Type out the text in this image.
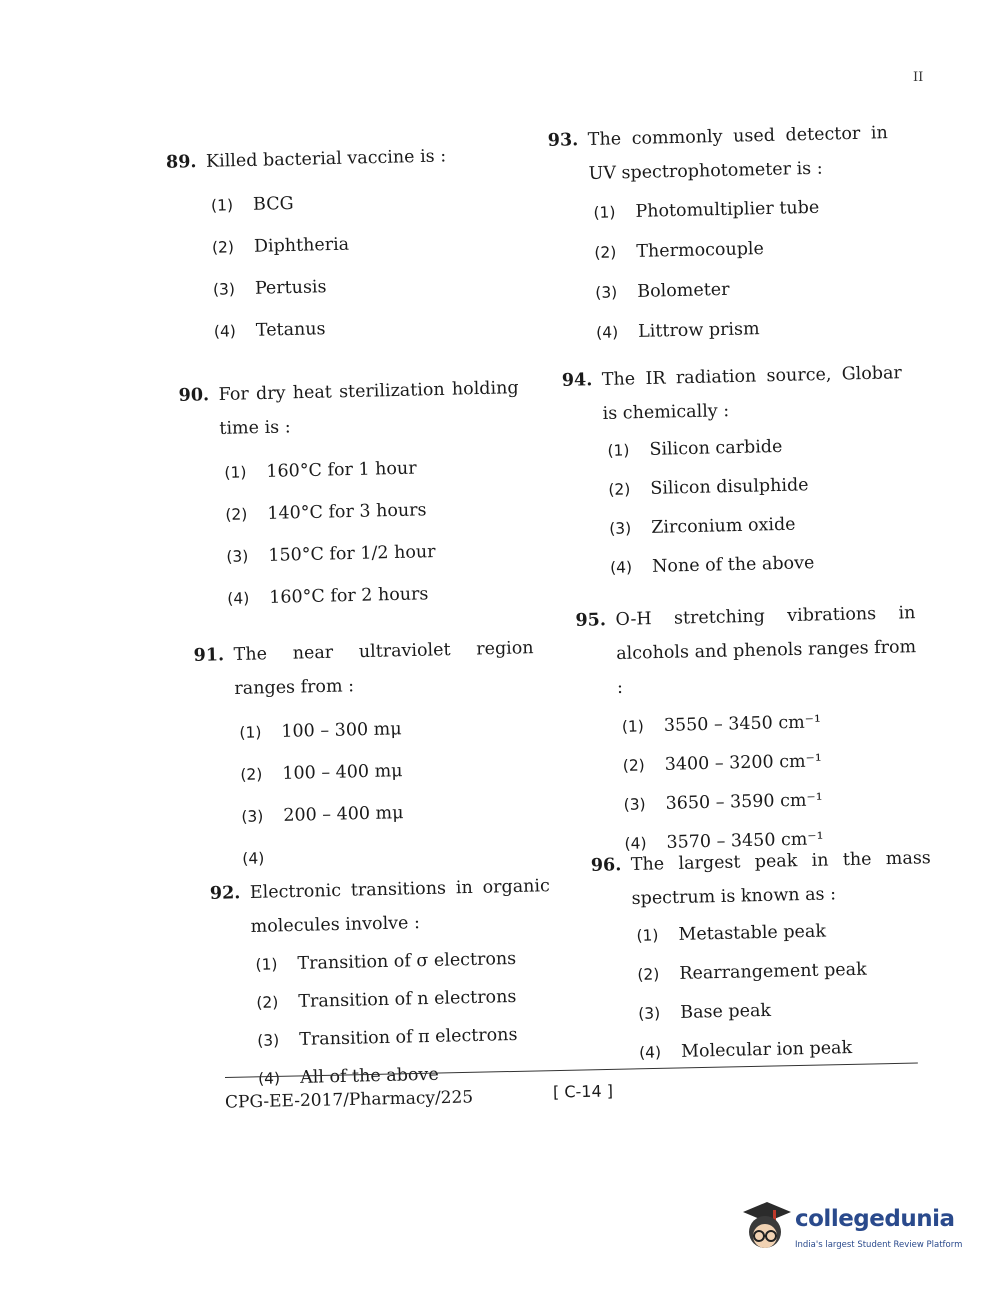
II
89. Killed bacterial vaccine is :
(1)	BCG
(2)	Diphtheria
(3)	Pertusis
(4)	Tetanus
90. For dry heat sterilization holding time is :
(1)	160°C for 1 hour
(2)	140°C for 3 hours
(3)	150°C for 1/2 hour
(4)	160°C for 2 hours
91. The near ultraviolet region ranges from :
(1)	100 – 300 mμ
(2)	100 – 400 mμ
(3)	200 – 400 mμ
(4)
92. Electronic transitions in organic molecules involve :
(1)	Transition of σ electrons
(2)	Transition of n electrons
(3)	Transition of π electrons
(4)	All of the above
93. The commonly used detector in UV spectrophotometer is :
(1)	Photomultiplier tube
(2)	Thermocouple
(3)	Bolometer
(4)	Littrow prism
94. The IR radiation source, Globar is chemically :
(1)	Silicon carbide
(2)	Silicon disulphide
(3)	Zirconium oxide
(4)	None of the above
95. O-H stretching vibrations in alcohols and phenols ranges from :
(1)	3550 – 3450 cm⁻¹
(2)	3400 – 3200 cm⁻¹
(3)	3650 – 3590 cm⁻¹
(4)	3570 – 3450 cm⁻¹
96. The largest peak in the mass spectrum is known as :
(1)	Metastable peak
(2)	Rearrangement peak
(3)	Base peak
(4)	Molecular ion peak
CPG-EE-2017/Pharmacy/225	[ C-14 ]
collegedunia
India's largest Student Review Platform
